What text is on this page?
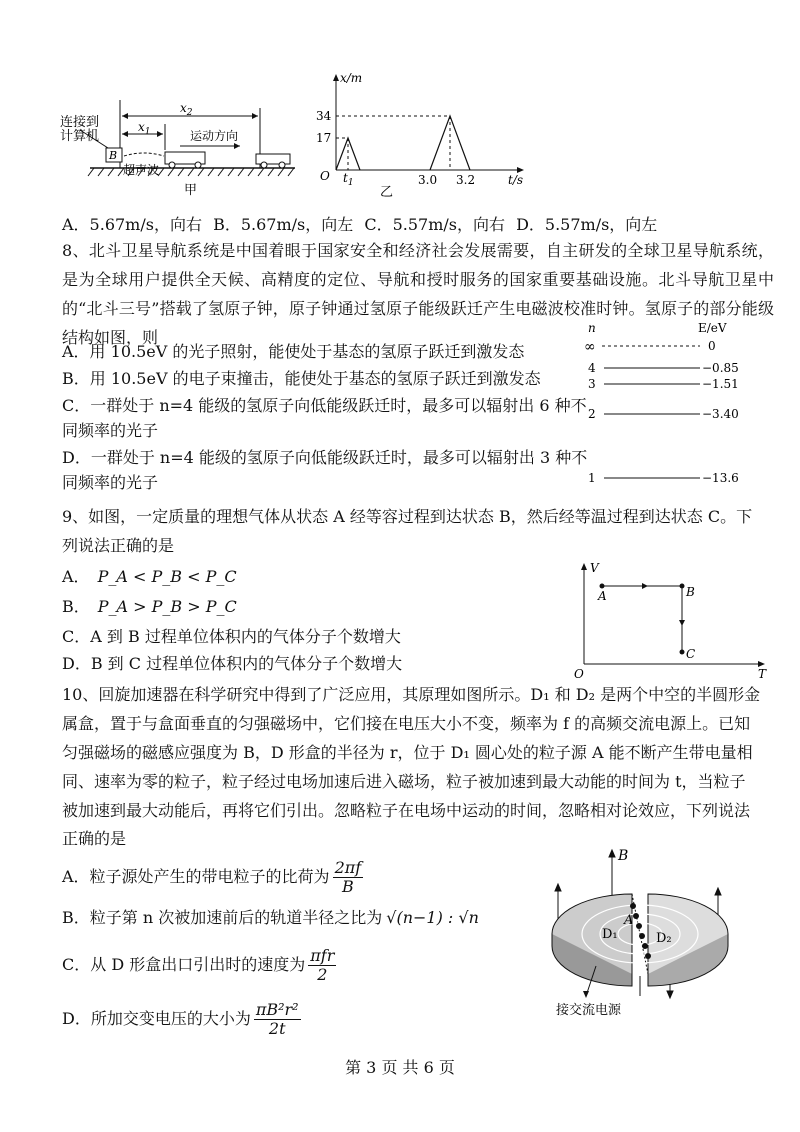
连接到
计算机
$x_2$
$x_1$
B
运动方向
超声波
甲
x/m
34
17
O $t_1$	3.0 3.2	t/s
乙
A．5.67m/s，向右 B．5.67m/s，向左 C．5.57m/s，向右 D．5.57m/s，向左
8、北斗卫星导航系统是中国着眼于国家安全和经济社会发展需要，自主研发的全球卫星导航系统，是为全球用户提供全天候、高精度的定位、导航和授时服务的国家重要基础设施。北斗导航卫星中的“北斗三号”搭载了氢原子钟，原子钟通过氢原子能级跃迁产生电磁波校准时钟。氢原子的部分能级结构如图，则
A．用 10.5eV 的光子照射，能使处于基态的氢原子跃迁到激发态
B．用 10.5eV 的电子束撞击，能使处于基态的氢原子跃迁到激发态
C．一群处于 n=4 能级的氢原子向低能级跃迁时，最多可以辐射出 6 种不
同频率的光子
D．一群处于 n=4 能级的氢原子向低能级跃迁时，最多可以辐射出 3 种不
同频率的光子
n	E/eV
∞	0
4	−0.85
3	−1.51
2	−3.40
1	−13.6
9、如图，一定质量的理想气体从状态 A 经等容过程到达状态 B，然后经等温过程到达状态 C。下
列说法正确的是
A． P_A < P_B < P_C
B． P_A > P_B > P_C
C．A 到 B 过程单位体积内的气体分子个数增大
D．B 到 C 过程单位体积内的气体分子个数增大
V
T
O
A	B
C
10、回旋加速器在科学研究中得到了广泛应用，其原理如图所示。D₁ 和 D₂ 是两个中空的半圆形金
属盒，置于与盒面垂直的匀强磁场中，它们接在电压大小不变，频率为 f 的高频交流电源上。已知
匀强磁场的磁感应强度为 B，D 形盒的半径为 r，位于 D₁ 圆心处的粒子源 A 能不断产生带电量相
同、速率为零的粒子，粒子经过电场加速后进入磁场，粒子被加速到最大动能的时间为 t，当粒子
被加速到最大动能后，再将它们引出。忽略粒子在电场中运动的时间，忽略相对论效应，下列说法
正确的是
A．粒子源处产生的带电粒子的比荷为 $\frac{2\pi f}{B}$
B．粒子第 n 次被加速前后的轨道半径之比为 √(n−1) : √n
C．从 D 形盒出口引出时的速度为 $\frac{\text{πfr}}{2}$
D．所加交变电压的大小为 $\frac{\text{πB²r²}}{2t}$
B
A
D₁	D₂
接交流电源
第 3 页 共 6 页
